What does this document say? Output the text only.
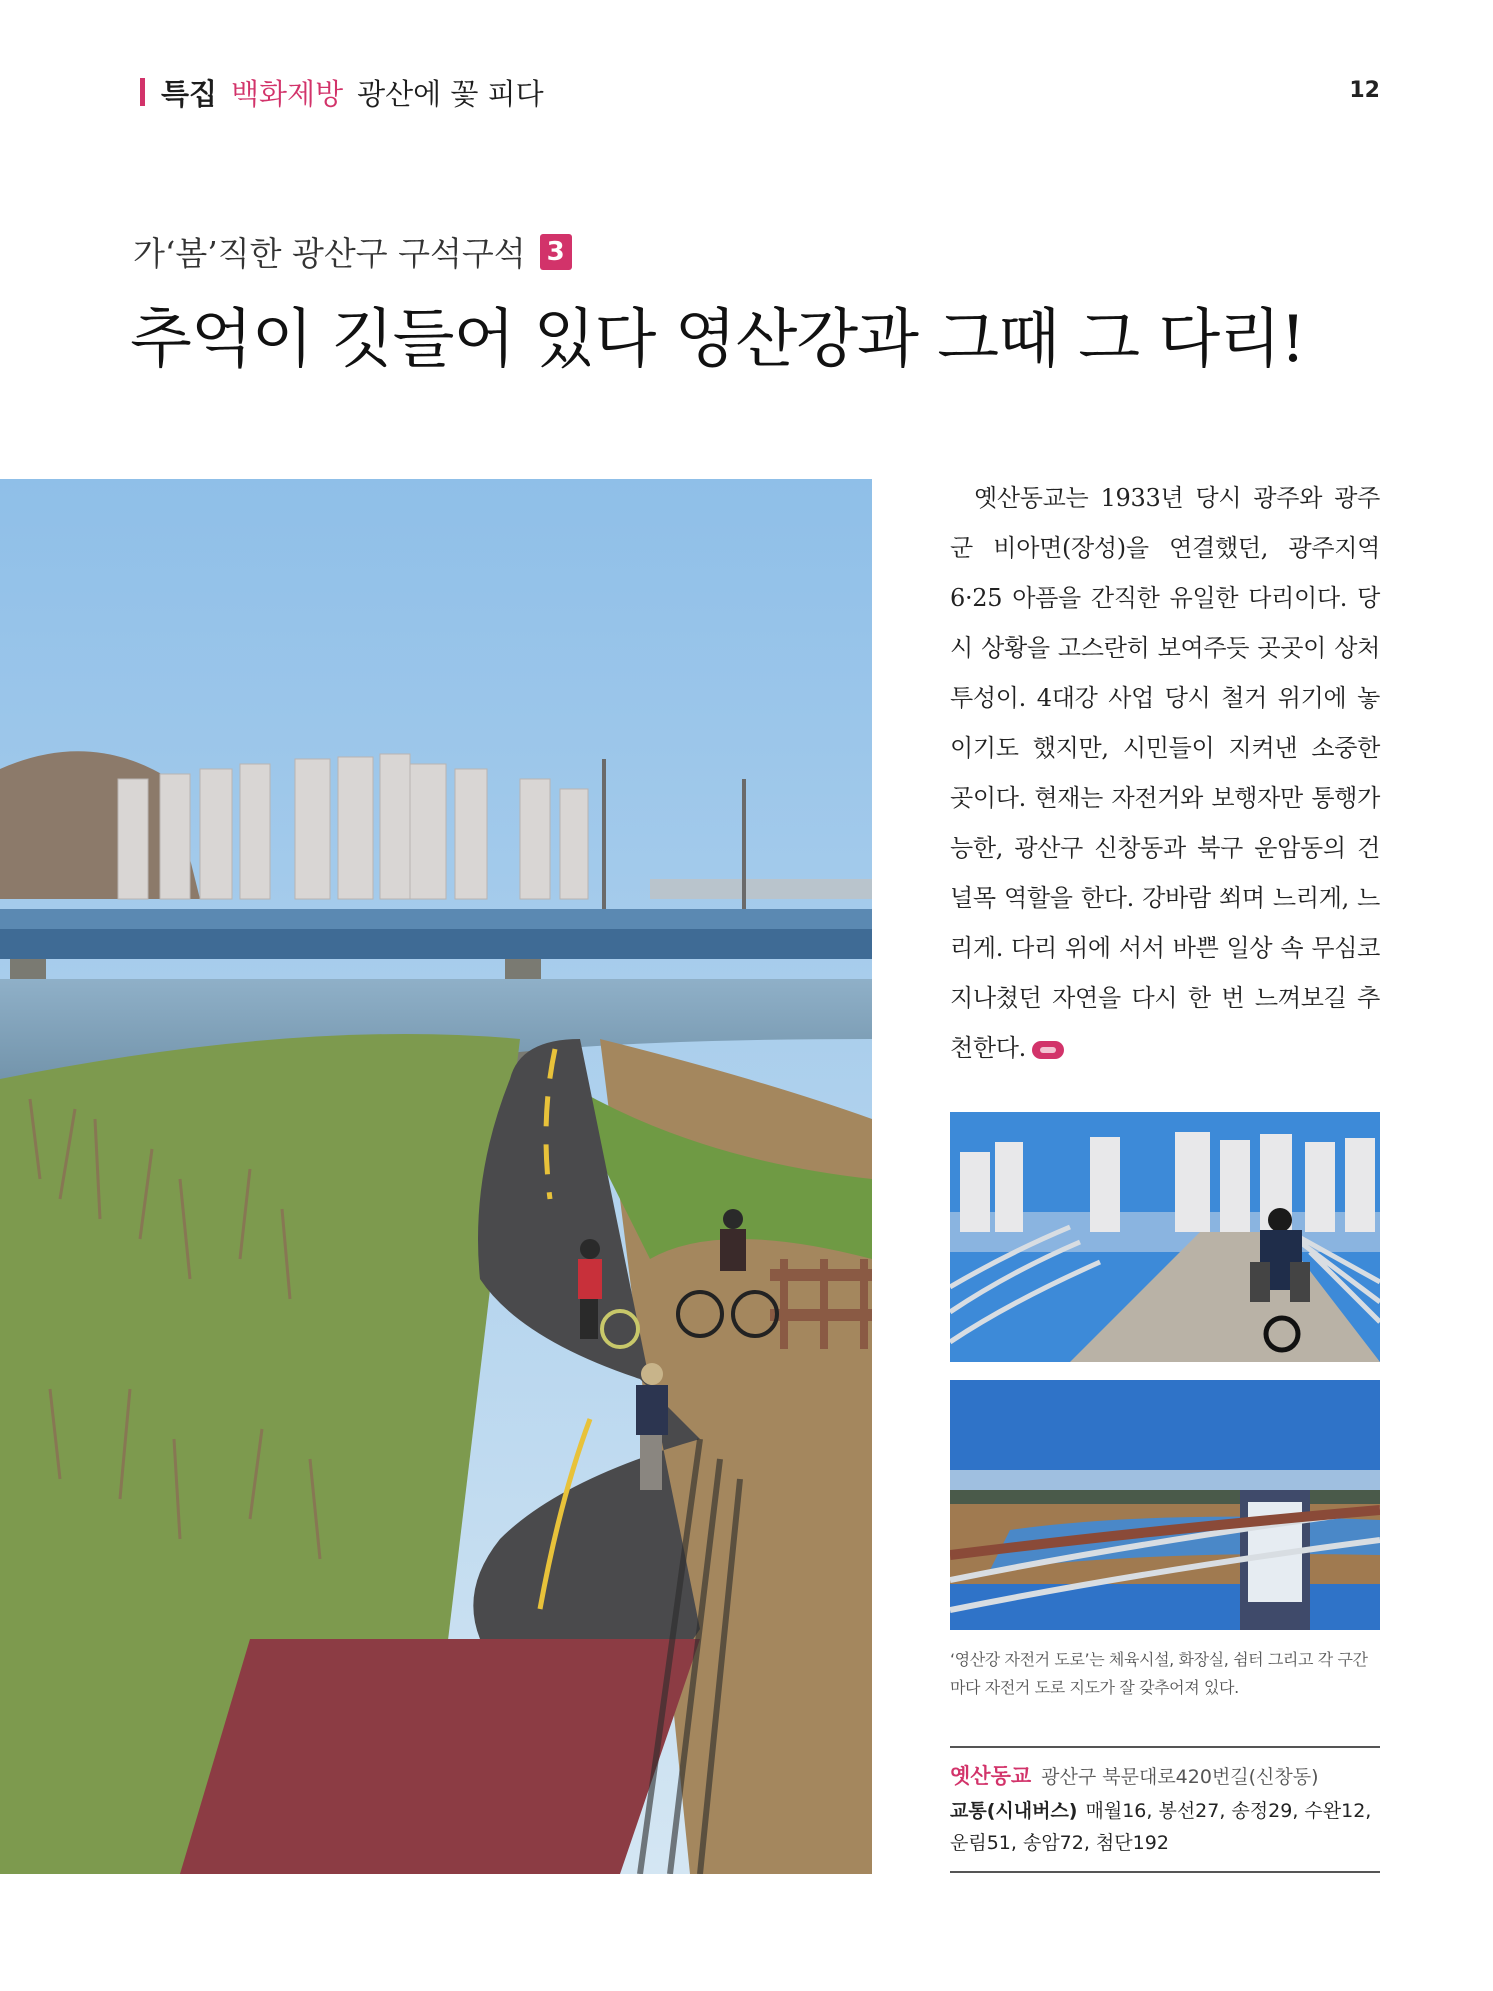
특집 백화제방 광산에 꽃 피다	12
가‘봄’직한 광산구 구석구석 3
추억이 깃들어 있다 영산강과 그때 그 다리!
옛산동교는 1933년 당시 광주와 광주군 비아면(장성)을 연결했던, 광주지역 6·25 아픔을 간직한 유일한 다리이다. 당시 상황을 고스란히 보여주듯 곳곳이 상처투성이. 4대강 사업 당시 철거 위기에 놓이기도 했지만, 시민들이 지켜낸 소중한 곳이다. 현재는 자전거와 보행자만 통행가능한, 광산구 신창동과 북구 운암동의 건널목 역할을 한다. 강바람 쐬며 느리게, 느리게. 다리 위에 서서 바쁜 일상 속 무심코 지나쳤던 자연을 다시 한 번 느껴보길 추천한다.
‘영산강 자전거 도로’는 체육시설, 화장실, 쉼터 그리고 각 구간마다 자전거 도로 지도가 잘 갖추어져 있다.
옛산동교 광산구 북문대로420번길(신창동)
교통(시내버스) 매월16, 봉선27, 송정29, 수완12, 운림51, 송암72, 첨단192
